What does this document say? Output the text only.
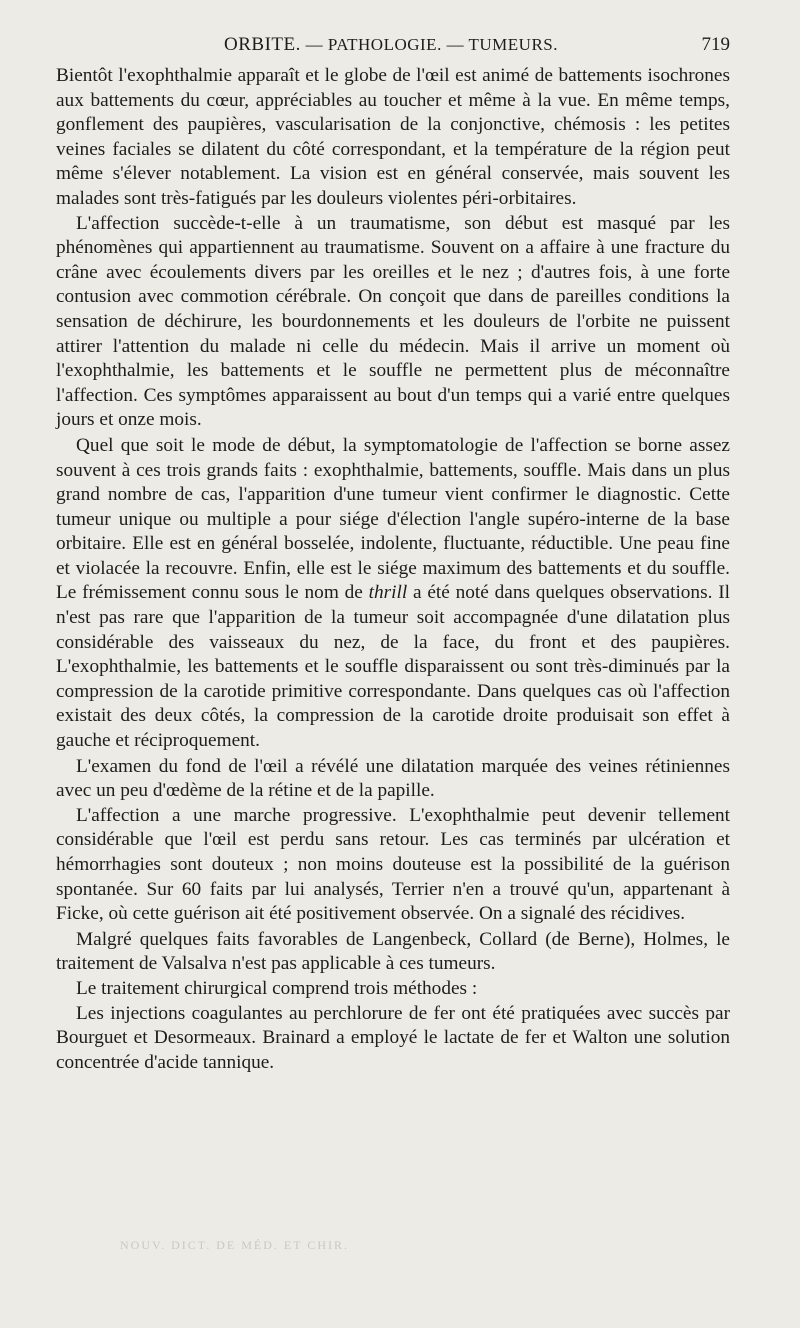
ORBITE. — PATHOLOGIE. — TUMEURS.	719

Bientôt l'exophthalmie apparaît et le globe de l'œil est animé de battements isochrones aux battements du cœur, appréciables au toucher et même à la vue. En même temps, gonflement des paupières, vascularisation de la conjonctive, chémosis : les petites veines faciales se dilatent du côté correspondant, et la température de la région peut même s'élever notablement. La vision est en général conservée, mais souvent les malades sont très-fatigués par les douleurs violentes péri-orbitaires.

L'affection succède-t-elle à un traumatisme, son début est masqué par les phénomènes qui appartiennent au traumatisme. Souvent on a affaire à une fracture du crâne avec écoulements divers par les oreilles et le nez ; d'autres fois, à une forte contusion avec commotion cérébrale. On conçoit que dans de pareilles conditions la sensation de déchirure, les bourdonnements et les douleurs de l'orbite ne puissent attirer l'attention du malade ni celle du médecin. Mais il arrive un moment où l'exophthalmie, les battements et le souffle ne permettent plus de méconnaître l'affection. Ces symptômes apparaissent au bout d'un temps qui a varié entre quelques jours et onze mois.

Quel que soit le mode de début, la symptomatologie de l'affection se borne assez souvent à ces trois grands faits : exophthalmie, battements, souffle. Mais dans un plus grand nombre de cas, l'apparition d'une tumeur vient confirmer le diagnostic. Cette tumeur unique ou multiple a pour siége d'élection l'angle supéro-interne de la base orbitaire. Elle est en général bosselée, indolente, fluctuante, réductible. Une peau fine et violacée la recouvre. Enfin, elle est le siége maximum des battements et du souffle. Le frémissement connu sous le nom de thrill a été noté dans quelques observations. Il n'est pas rare que l'apparition de la tumeur soit accompagnée d'une dilatation plus considérable des vaisseaux du nez, de la face, du front et des paupières. L'exophthalmie, les battements et le souffle disparaissent ou sont très-diminués par la compression de la carotide primitive correspondante. Dans quelques cas où l'affection existait des deux côtés, la compression de la carotide droite produisait son effet à gauche et réciproquement.

L'examen du fond de l'œil a révélé une dilatation marquée des veines rétiniennes avec un peu d'œdème de la rétine et de la papille.

L'affection a une marche progressive. L'exophthalmie peut devenir tellement considérable que l'œil est perdu sans retour. Les cas terminés par ulcération et hémorrhagies sont douteux ; non moins douteuse est la possibilité de la guérison spontanée. Sur 60 faits par lui analysés, Terrier n'en a trouvé qu'un, appartenant à Ficke, où cette guérison ait été positivement observée. On a signalé des récidives.

Malgré quelques faits favorables de Langenbeck, Collard (de Berne), Holmes, le traitement de Valsalva n'est pas applicable à ces tumeurs.

Le traitement chirurgical comprend trois méthodes :

Les injections coagulantes au perchlorure de fer ont été pratiquées avec succès par Bourguet et Desormeaux. Brainard a employé le lactate de fer et Walton une solution concentrée d'acide tannique.

NOUV. DICT. DE MÉD. ET CHIR.
